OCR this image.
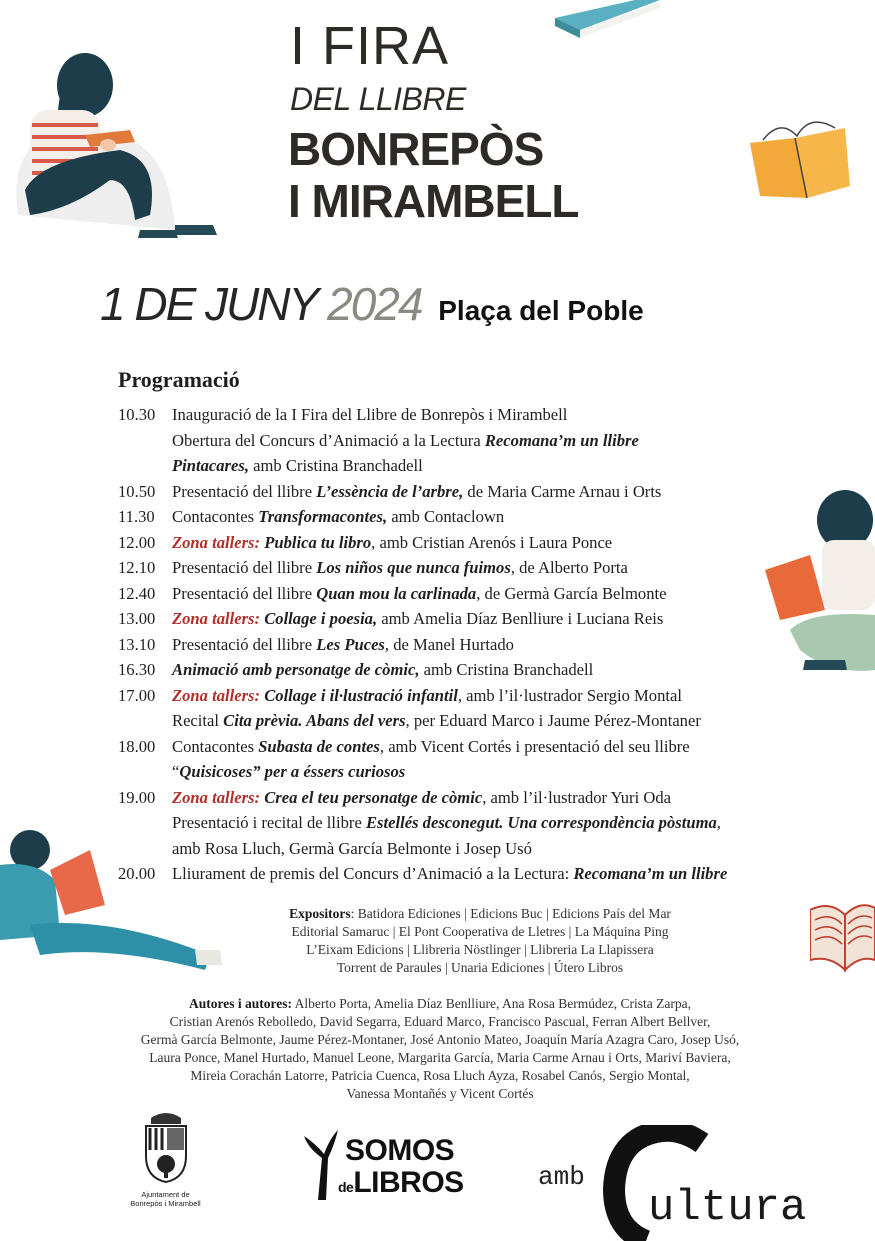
I FIRA
DEL LLIBRE
BONREPÒS
I MIRAMBELL
1 DE JUNY 2024 Plaça del Poble
Programació
10.30	Inauguració de la I Fira del Llibre de Bonrepòs i Mirambell
Obertura del Concurs d’Animació a la Lectura Recomana’m un llibre
Pintacares, amb Cristina Branchadell
10.50	Presentació del llibre L’essència de l’arbre, de Maria Carme Arnau i Orts
11.30	Contacontes Transformacontes, amb Contaclown
12.00	Zona tallers: Publica tu libro, amb Cristian Arenós i Laura Ponce
12.10	Presentació del llibre Los niños que nunca fuimos, de Alberto Porta
12.40	Presentació del llibre Quan mou la carlinada, de Germà García Belmonte
13.00	Zona tallers: Collage i poesia, amb Amelia Díaz Benlliure i Luciana Reis
13.10	Presentació del llibre Les Puces, de Manel Hurtado
16.30	Animació amb personatge de còmic, amb Cristina Branchadell
17.00	Zona tallers: Collage i il·lustració infantil, amb l’il·lustrador Sergio Montal
Recital Cita prèvia. Abans del vers, per Eduard Marco i Jaume Pérez-Montaner
18.00	Contacontes Subasta de contes, amb Vicent Cortés i presentació del seu llibre
“Quisicoses” per a éssers curiosos
19.00	Zona tallers: Crea el teu personatge de còmic, amb l’il·lustrador Yuri Oda
Presentació i recital de llibre Estellés desconegut. Una correspondència pòstuma,
amb Rosa Lluch, Germà García Belmonte i Josep Usó
20.00	Lliurament de premis del Concurs d’Animació a la Lectura: Recomana’m un llibre
Expositors: Batidora Ediciones | Edicions Buc | Edicions País del Mar
Editorial Samaruc | El Pont Cooperativa de Lletres | La Máquina Ping
L’Eixam Edicions | Llibreria Nöstlinger | Llibreria La Llapissera
Torrent de Paraules | Unaria Ediciones | Útero Libros
Autores i autores: Alberto Porta, Amelia Díaz Benlliure, Ana Rosa Bermúdez, Crista Zarpa,
Cristian Arenós Rebolledo, David Segarra, Eduard Marco, Francisco Pascual, Ferran Albert Bellver,
Germà García Belmonte, Jaume Pérez-Montaner, José Antonio Mateo, Joaquín María Azagra Caro, Josep Usó,
Laura Ponce, Manel Hurtado, Manuel Leone, Margarita García, Maria Carme Arnau i Orts, Mariví Baviera,
Mireia Corachán Latorre, Patricia Cuenca, Rosa Lluch Ayza, Rosabel Canós, Sergio Montal,
Vanessa Montañés y Vicent Cortés
Ajuntament de
Bonrepòs i Mirambell
SOMOS
deLIBROS	amb
ultura
